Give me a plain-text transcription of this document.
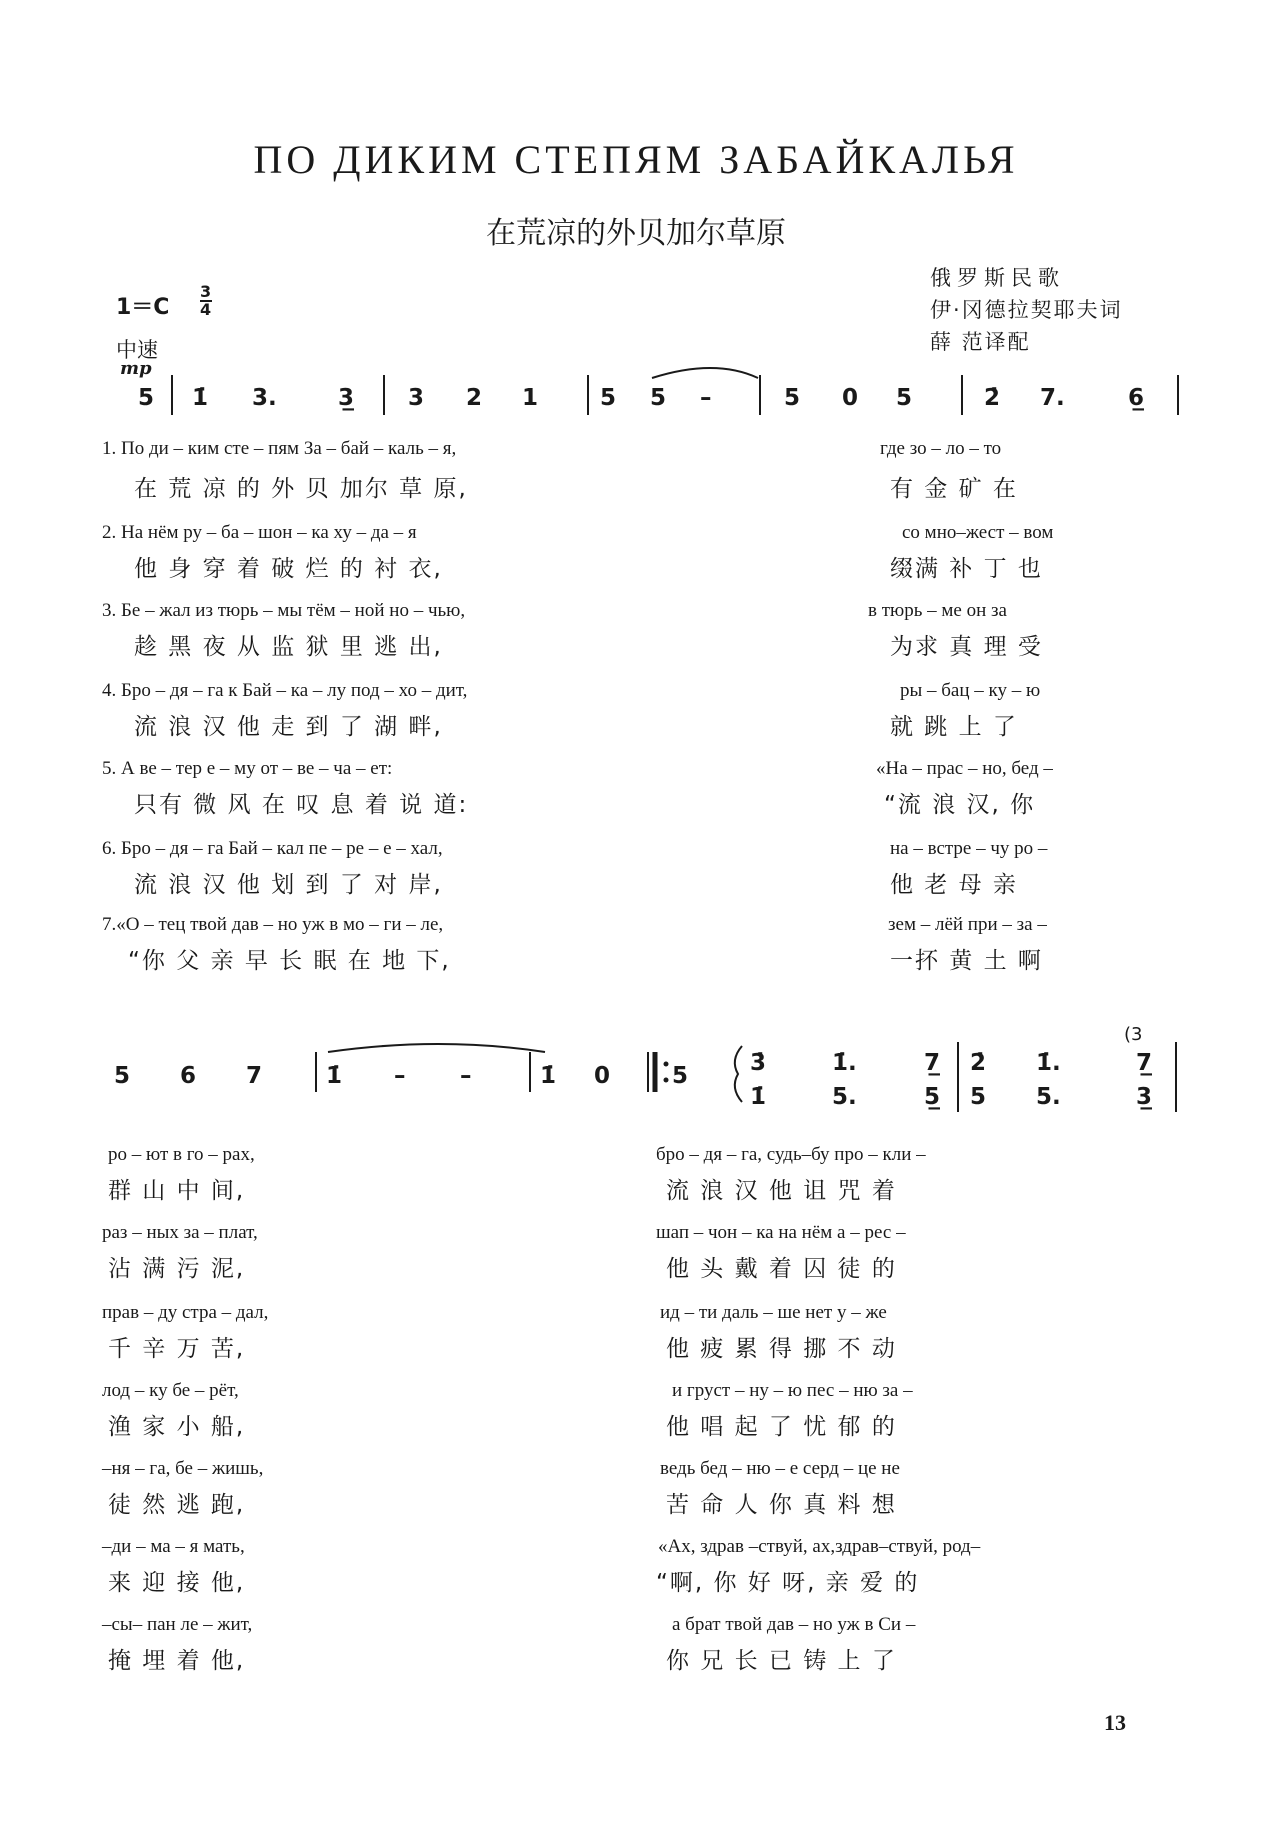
ПО ДИКИМ СТЕПЯМ ЗАБАЙКАЛЬЯ
在荒凉的外贝加尔草原
俄罗斯民歌
伊·冈德拉契耶夫词
薛 范译配
1＝C
3

4
中速
mp
5 1̇ 3.	3̲ 3 2 1	5 5 –	5 0 5	2̇ 7.	6̲
5 6 7	1̇ – –	1̇ 0	5	3̇
1̇
1̇.
5.
7̲
5̲
2̇
5
1̇.
5.
7̲
3̲
(3
1. По ди – ким сте – пям За – бай – каль – я,	где зо – ло – то
在 荒 凉 的 外 贝 加尔 草 原,	有 金 矿 在
2. На нём ру – ба – шон – ка ху – да – я	со мно–жест – вом
他 身 穿 着 破 烂 的 衬 衣,	缀满 补 丁 也
3. Бе – жал из тюрь – мы тём – ной но – чью,	в тюрь – ме он за
趁 黑 夜 从 监 狱 里 逃 出,	为求 真 理 受
4. Бро – дя – га к Бай – ка – лу под – хо – дит,	ры – бац – ку – ю
流 浪 汉 他 走 到 了 湖 畔,	就 跳 上 了
5. А ве – тер е – му от – ве – ча – ет:	«На – прас – но, бед –
只有 微 风 在 叹 息 着 说 道:	“流 浪 汉, 你
6. Бро – дя – га Бай – кал пе – ре – е – хал,	на – встре – чу ро –
流 浪 汉 他 划 到 了 对 岸,	他 老 母 亲
7.«О – тец твой дав – но уж в мо – ги – ле,	зем – лёй при – за –
“你 父 亲 早 长 眠 在 地 下,	一抔 黄 土 啊
ро – ют в го – рах,	бро – дя – га, судь–бу про – кли –
群 山 中 间,	流 浪 汉 他 诅 咒 着
раз – ных за – плат,	шап – чон – ка на нём а – рес –
沾 满 污 泥,	他 头 戴 着 囚 徒 的
прав – ду стра – дал,	ид – ти даль – ше нет у – же
千 辛 万 苦,	他 疲 累 得 挪 不 动
лод – ку бе – рёт,	и груст – ну – ю пес – ню за –
渔 家 小 船,	他 唱 起 了 忧 郁 的
–ня – га, бе – жишь,	ведь бед – ню – е серд – це не
徒 然 逃 跑,	苦 命 人 你 真 料 想
–ди – ма – я мать,	«Ах, здрав –ствуй, ах,здрав–ствуй, род–
来 迎 接 他,	“啊, 你 好 呀, 亲 爱 的
–сы– пан ле – жит,	а брат твой дав – но уж в Си –
掩 埋 着 他,	你 兄 长 已 铸 上 了
13
